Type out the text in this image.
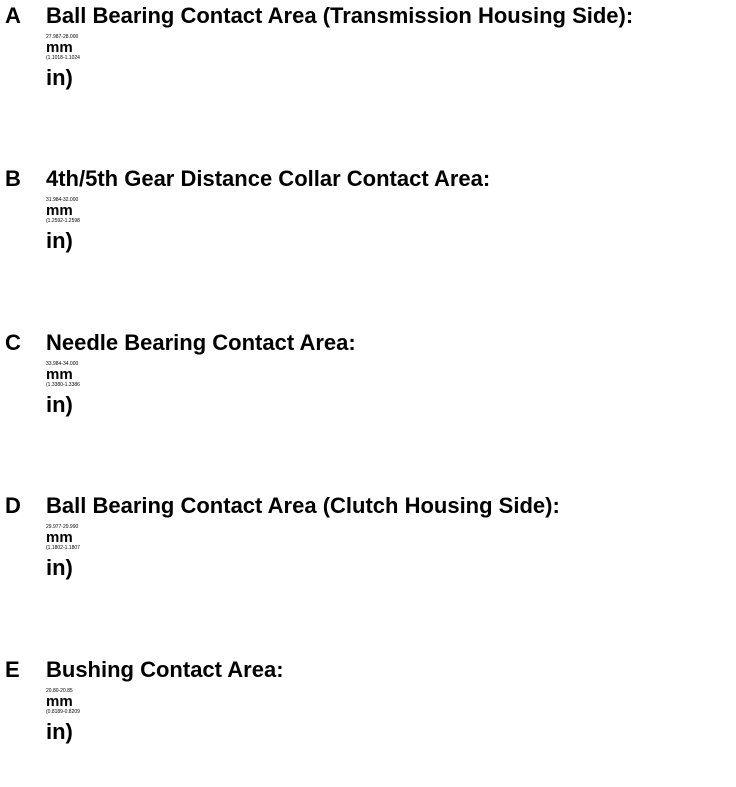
A Ball Bearing Contact Area (Transmission Housing Side):
27.987-28.000
mm
(1.1018-1.1024
in)
B 4th/5th Gear Distance Collar Contact Area:
31.984-32.000
mm
(1.2592-1.2598
in)
C Needle Bearing Contact Area:
33.984-34.000
mm
(1.3380-1.3386
in)
D Ball Bearing Contact Area (Clutch Housing Side):
29.977-29.990
mm
(1.1802-1.1807
in)
E Bushing Contact Area:
20.80-20.85
mm
(0.8189-0.8209
in)
